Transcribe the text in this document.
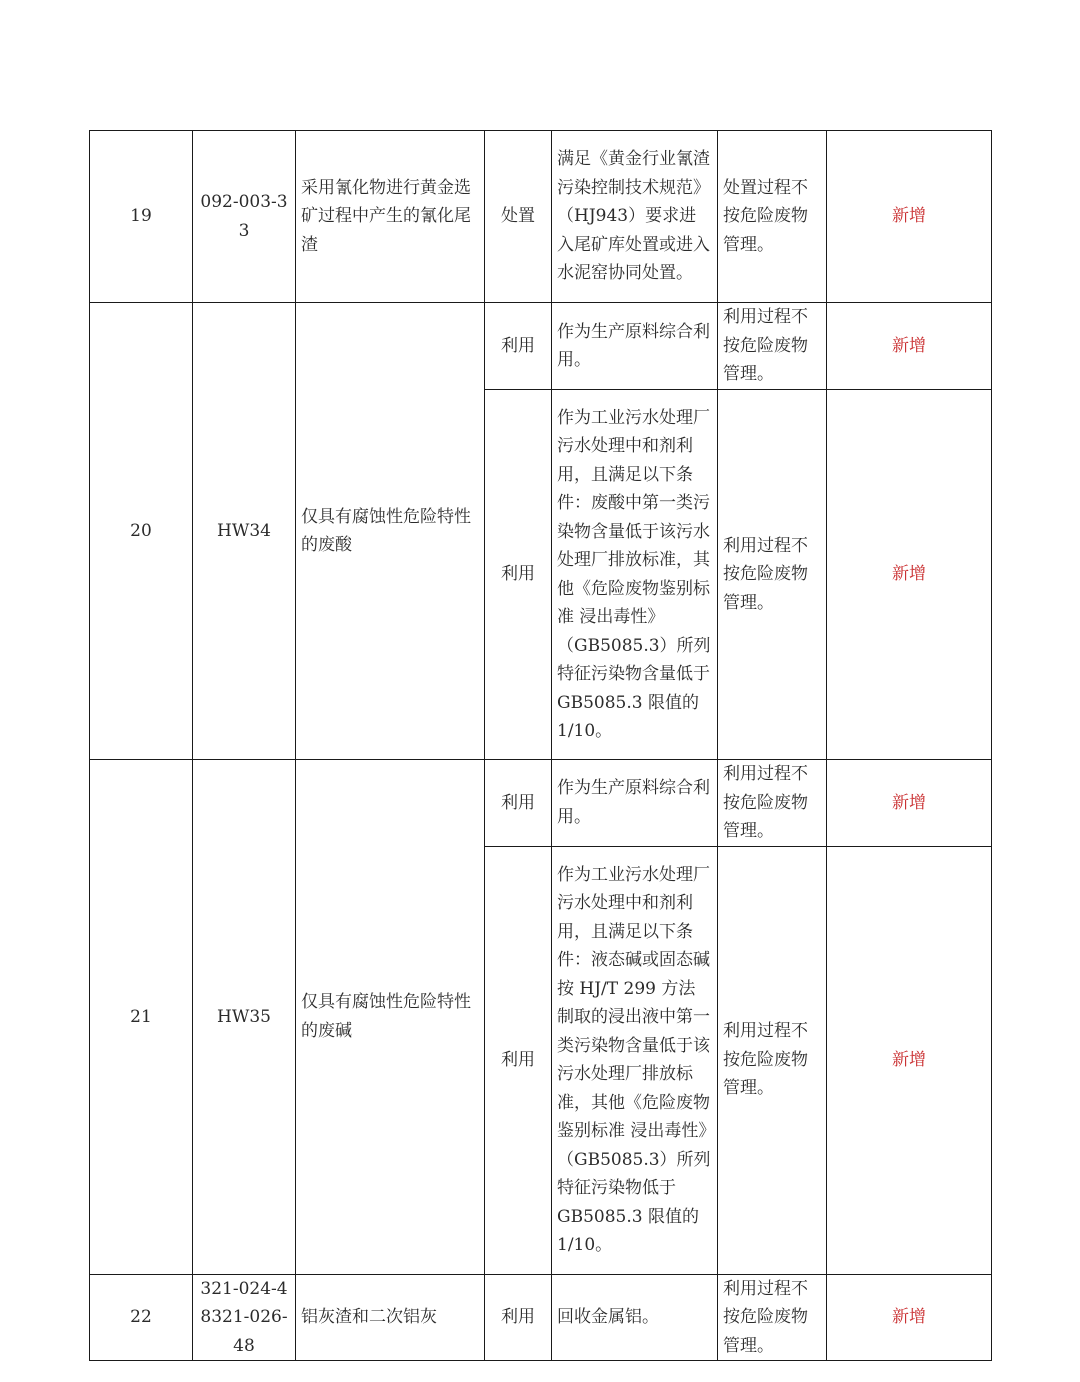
19	092-003-33	采用氰化物进行黄金选矿过程中产生的氰化尾渣	处置	满足《黄金行业氰渣污染控制技术规范》（HJ943）要求进入尾矿库处置或进入水泥窑协同处置。	处置过程不按危险废物管理。	新增
20	HW34	仅具有腐蚀性危险特性的废酸	利用	作为生产原料综合利用。	利用过程不按危险废物管理。	新增
			利用	作为工业污水处理厂污水处理中和剂利用，且满足以下条件：废酸中第一类污染物含量低于该污水处理厂排放标准，其他《危险废物鉴别标准 浸出毒性》（GB5085.3）所列特征污染物含量低于 GB5085.3 限值的 1/10。	利用过程不按危险废物管理。	新增
21	HW35	仅具有腐蚀性危险特性的废碱	利用	作为生产原料综合利用。	利用过程不按危险废物管理。	新增
			利用	作为工业污水处理厂污水处理中和剂利用，且满足以下条件：液态碱或固态碱按 HJ/T 299 方法制取的浸出液中第一类污染物含量低于该污水处理厂排放标准，其他《危险废物鉴别标准 浸出毒性》（GB5085.3）所列特征污染物低于 GB5085.3 限值的 1/10。	利用过程不按危险废物管理。	新增
22	321-024-48321-026-48	铝灰渣和二次铝灰	利用	回收金属铝。	利用过程不按危险废物管理。	新增
